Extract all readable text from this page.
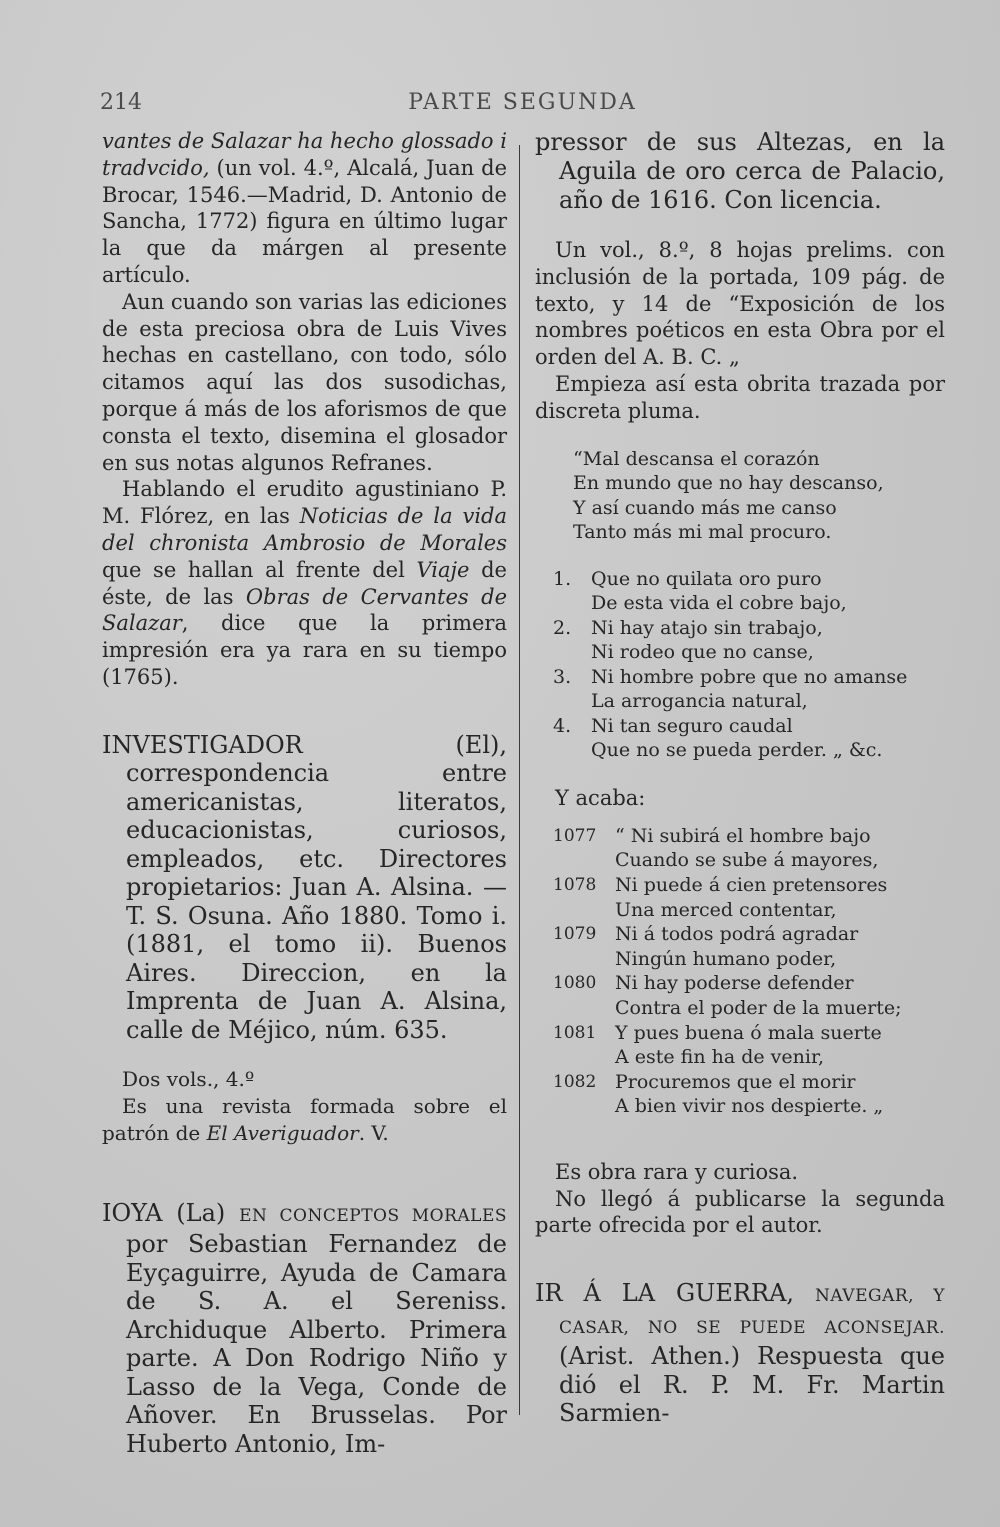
214	PARTE SEGUNDA

vantes de Salazar ha hecho glossado i tradvcido, (un vol. 4.º, Alcalá, Juan de Brocar, 1546.—Madrid, D. Antonio de Sancha, 1772) figura en último lugar la que da márgen al presente artículo.

Aun cuando son varias las ediciones de esta preciosa obra de Luis Vives hechas en castellano, con todo, sólo citamos aquí las dos susodichas, porque á más de los aforismos de que consta el texto, disemina el glosador en sus notas algunos Refranes.

Hablando el erudito agustiniano P. M. Flórez, en las Noticias de la vida del chronista Ambrosio de Morales que se hallan al frente del Viaje de éste, de las Obras de Cervantes de Salazar, dice que la primera impresión era ya rara en su tiempo (1765).

INVESTIGADOR (El), correspondencia entre americanistas, literatos, educacionistas, curiosos, empleados, etc. Directores propietarios: Juan A. Alsina. — T. S. Osuna. Año 1880. Tomo i. (1881, el tomo ii). Buenos Aires. Direccion, en la Imprenta de Juan A. Alsina, calle de Méjico, núm. 635.

Dos vols., 4.º

Es una revista formada sobre el patrón de El Averiguador. V.

IOYA (La) EN CONCEPTOS MORALES por Sebastian Fernandez de Eyçaguirre, Ayuda de Camara de S. A. el Sereniss. Archiduque Alberto. Primera parte. A Don Rodrigo Niño y Lasso de la Vega, Conde de Añover. En Brusselas. Por Huberto Antonio, Im-

pressor de sus Altezas, en la Aguila de oro cerca de Palacio, año de 1616. Con licencia.

Un vol., 8.º, 8 hojas prelims. con inclusión de la portada, 109 pág. de texto, y 14 de “Exposición de los nombres poéticos en esta Obra por el orden del A. B. C. „

Empieza así esta obrita trazada por discreta pluma.

“Mal descansa el corazón
En mundo que no hay descanso,
Y así cuando más me canso
Tanto más mi mal procuro.
1.	Que no quilata oro puro
De esta vida el cobre bajo,
2.	Ni hay atajo sin trabajo,
Ni rodeo que no canse,
3.	Ni hombre pobre que no amanse
La arrogancia natural,
4.	Ni tan seguro caudal
Que no se pueda perder. „ &c.

Y acaba:

1077 “ Ni subirá el hombre bajo
Cuando se sube á mayores,
1078 Ni puede á cien pretensores
Una merced contentar,
1079 Ni á todos podrá agradar
Ningún humano poder,
1080 Ni hay poderse defender
Contra el poder de la muerte;
1081 Y pues buena ó mala suerte
A este fin ha de venir,
1082 Procuremos que el morir
A bien vivir nos despierte. „

Es obra rara y curiosa.

No llegó á publicarse la segunda parte ofrecida por el autor.

IR Á LA GUERRA, NAVEGAR, Y CASAR, NO SE PUEDE ACONSEJAR. (Arist. Athen.) Respuesta que dió el R. P. M. Fr. Martin Sarmien-
